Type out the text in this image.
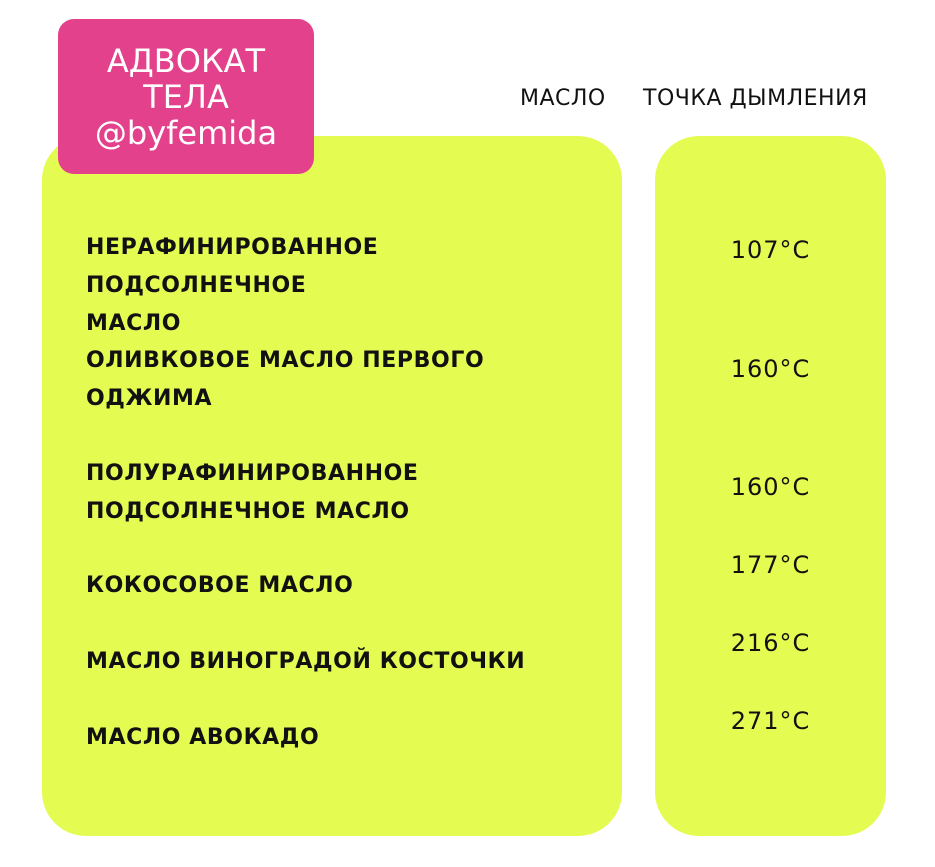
АДВОКАТ
ТЕЛА
@byfemida
МАСЛО ТОЧКА ДЫМЛЕНИЯ
НЕРАФИНИРОВАННОЕ ПОДСОЛНЕЧНОЕ
МАСЛО
107°C
ОЛИВКОВОЕ МАСЛО ПЕРВОГО
ОДЖИМА
160°C
ПОЛУРАФИНИРОВАННОЕ
ПОДСОЛНЕЧНОЕ МАСЛО
160°C
КОКОСОВОЕ МАСЛО
177°C
МАСЛО ВИНОГРАДОЙ КОСТОЧКИ
216°C
МАСЛО АВОКАДО
271°C
